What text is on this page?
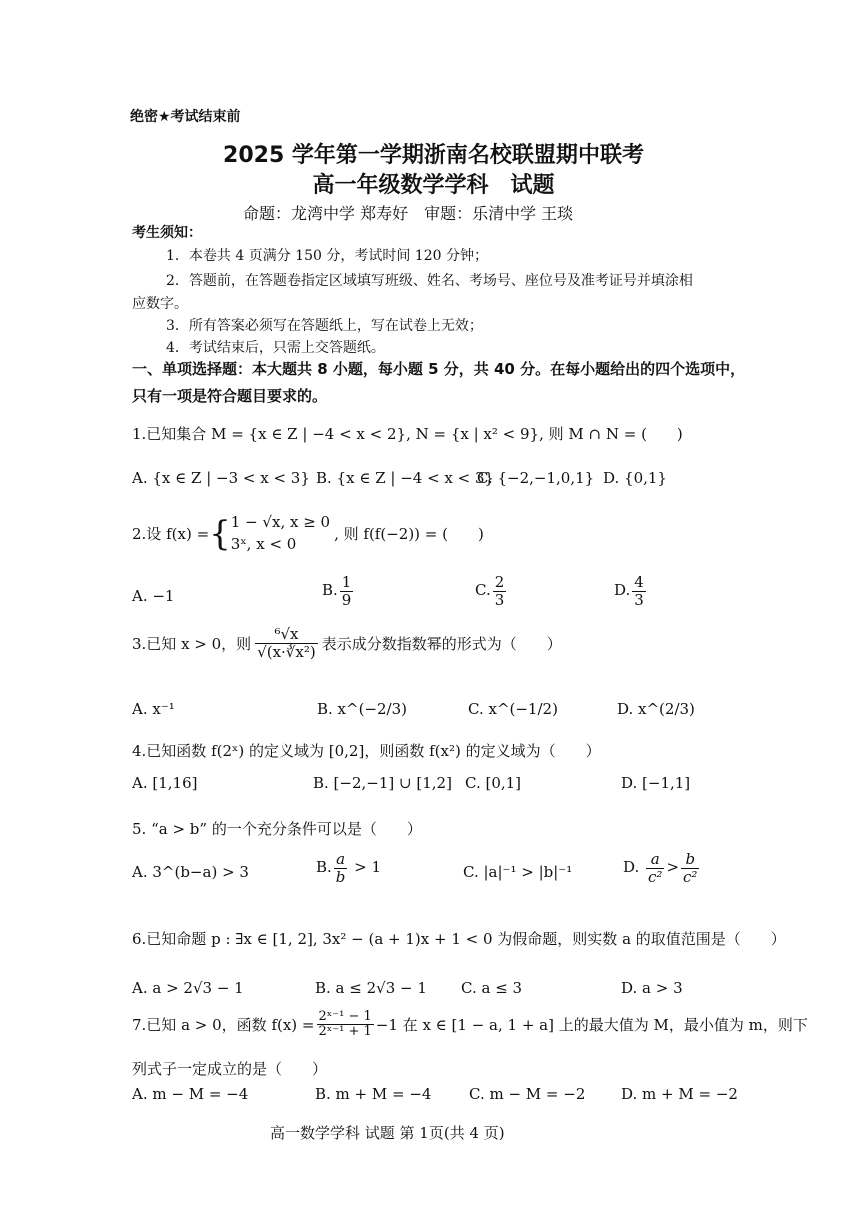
绝密★考试结束前
2025 学年第一学期浙南名校联盟期中联考
高一年级数学学科　试题
命题：龙湾中学 郑寿好　审题：乐清中学 王琰
考生须知：
1．本卷共 4 页满分 150 分，考试时间 120 分钟；
2．答题前，在答题卷指定区域填写班级、姓名、考场号、座位号及准考证号并填涂相
应数字。
3．所有答案必须写在答题纸上，写在试卷上无效；
4．考试结束后，只需上交答题纸。
一、单项选择题：本大题共 8 小题，每小题 5 分，共 40 分。在每小题给出的四个选项中，
只有一项是符合题目要求的。
1.已知集合 M = {x ∈ Z | −4 < x < 2}, N = {x | x² < 9}, 则 M ∩ N = (　　)
A. {x ∈ Z | −3 < x < 3} B. {x ∈ Z | −4 < x < 3}
C. {−2,−1,0,1} D. {0,1}
2.设 f(x) = { 1 − √x, x ≥ 0
3ˣ, x < 0
, 则 f(f(−2)) = (　　)
A. −1	B. $\frac{1}{9}$	C. $\frac{2}{3}$	D. $\frac{4}{3}$
3.已知 x > 0，则 $\frac{\text{⁶√x}}{\text{√(x·∛x²)}}$ 表示成分数指数幂的形式为（　　）
A. x⁻¹	B. x^(−2/3)	C. x^(−1/2)	D. x^(2/3)
4.已知函数 f(2ˣ) 的定义域为 [0,2]，则函数 f(x²) 的定义域为（　　）
A. [1,16]	B. [−2,−1] ∪ [1,2] C. [0,1]	D. [−1,1]
5. “a > b” 的一个充分条件可以是（　　）
A. 3^(b−a) > 3	B. $\frac{a}{b} > 1$	C. |a|⁻¹ > |b|⁻¹	D. $\frac{a}{\text{c²}} > \frac{b}{\text{c²}}$
6.已知命题 p : ∃x ∈ [1, 2], 3x² − (a + 1)x + 1 < 0 为假命题，则实数 a 的取值范围是（　　）
A. a > 2√3 − 1	B. a ≤ 2√3 − 1 C. a ≤ 3	D. a > 3
7.已知 a > 0，函数 $f(x) = \frac{\text{2ˣ⁻¹ − 1}}{\text{2ˣ⁻¹ + 1}} -1$ 在 x ∈ [1 − a, 1 + a] 上的最大值为 M，最小值为 m，则下
列式子一定成立的是（　　）
A. m − M = −4	B. m + M = −4	C. m − M = −2 D. m + M = −2
高一数学学科 试题 第 1页(共 4 页)
